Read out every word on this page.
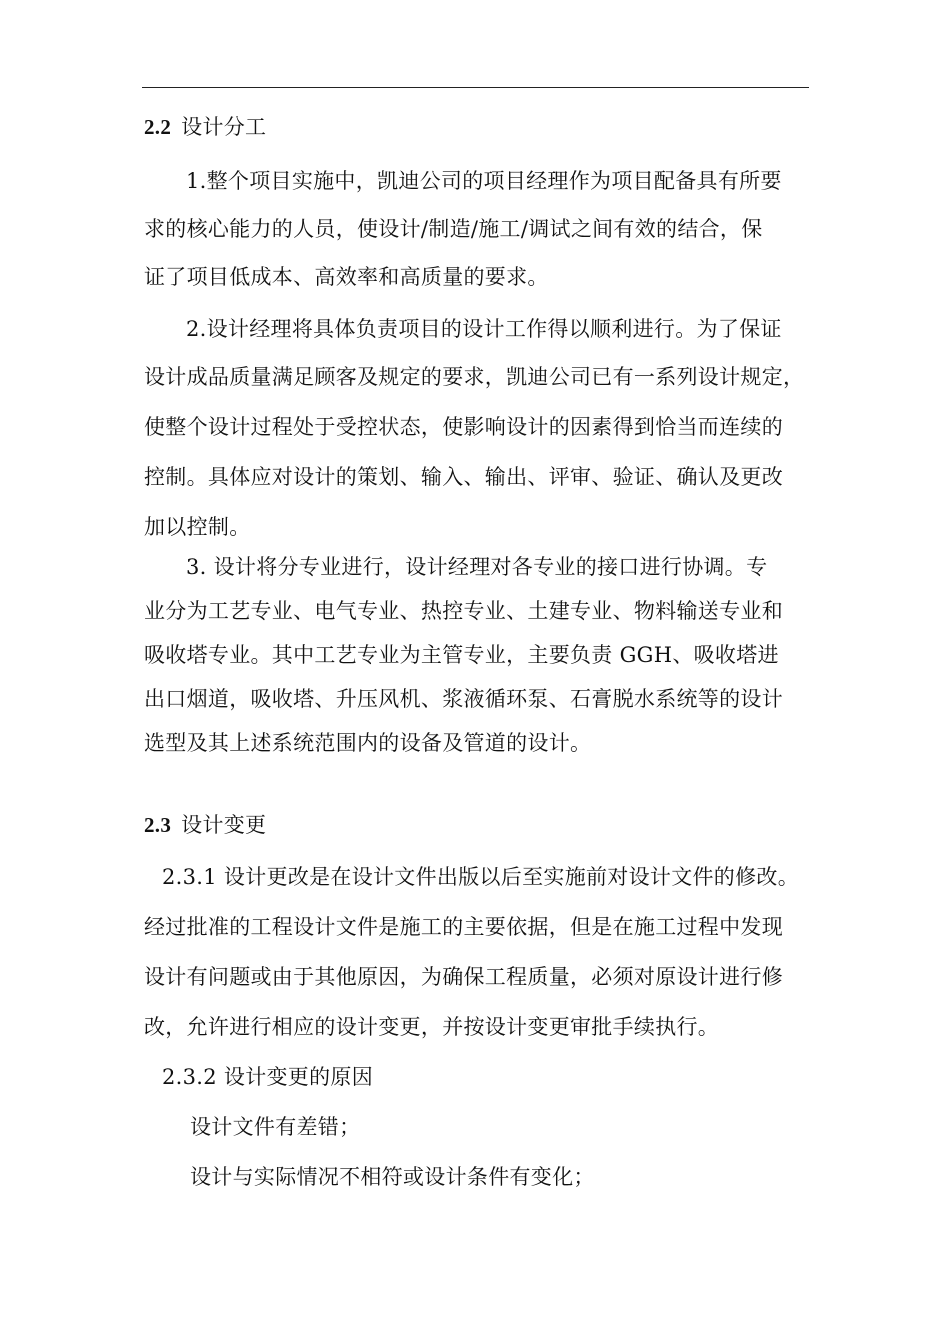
2.2 设计分工
1.整个项目实施中，凯迪公司的项目经理作为项目配备具有所要
求的核心能力的人员，使设计/制造/施工/调试之间有效的结合，保
证了项目低成本、高效率和高质量的要求。
2.设计经理将具体负责项目的设计工作得以顺利进行。为了保证
设计成品质量满足顾客及规定的要求，凯迪公司已有一系列设计规定，
使整个设计过程处于受控状态，使影响设计的因素得到恰当而连续的
控制。具体应对设计的策划、输入、输出、评审、验证、确认及更改
加以控制。
3. 设计将分专业进行，设计经理对各专业的接口进行协调。专
业分为工艺专业、电气专业、热控专业、土建专业、物料输送专业和
吸收塔专业。其中工艺专业为主管专业，主要负责 GGH、吸收塔进
出口烟道，吸收塔、升压风机、浆液循环泵、石膏脱水系统等的设计
选型及其上述系统范围内的设备及管道的设计。
2.3 设计变更
2.3.1 设计更改是在设计文件出版以后至实施前对设计文件的修改。
经过批准的工程设计文件是施工的主要依据，但是在施工过程中发现
设计有问题或由于其他原因，为确保工程质量，必须对原设计进行修
改，允许进行相应的设计变更，并按设计变更审批手续执行。
2.3.2 设计变更的原因
设计文件有差错；
设计与实际情况不相符或设计条件有变化；
